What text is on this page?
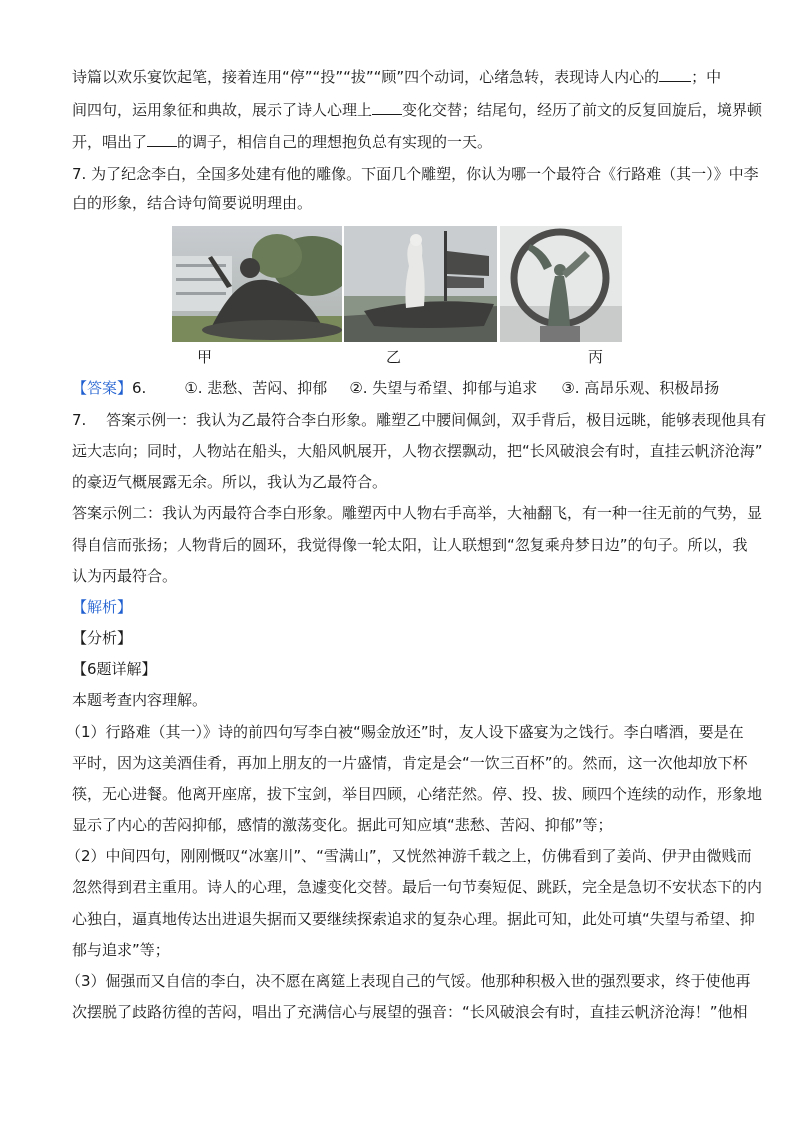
诗篇以欢乐宴饮起笔，接着连用“停”“投”“拔”“顾”四个动词，心绪急转，表现诗人内心的 ；中
间四句，运用象征和典故，展示了诗人心理上 变化交替；结尾句，经历了前文的反复回旋后，境界顿
开，唱出了 的调子，相信自己的理想抱负总有实现的一天。
7. 为了纪念李白，全国多处建有他的雕像。下面几个雕塑，你认为哪一个最符合《行路难（其一）》中李
白的形象，结合诗句简要说明理由。
甲	乙	丙
【答案】6.	①. 悲愁、苦闷、抑郁 ②. 失望与希望、抑郁与追求 ③. 高昂乐观、积极昂扬
7.　 答案示例一：我认为乙最符合李白形象。雕塑乙中腰间佩剑，双手背后，极目远眺，能够表现他具有
远大志向；同时，人物站在船头，大船风帆展开，人物衣摆飘动，把“长风破浪会有时，直挂云帆济沧海”
的豪迈气概展露无余。所以，我认为乙最符合。
答案示例二：我认为丙最符合李白形象。雕塑丙中人物右手高举，大袖翻飞，有一种一往无前的气势，显
得自信而张扬；人物背后的圆环，我觉得像一轮太阳，让人联想到“忽复乘舟梦日边”的句子。所以，我
认为丙最符合。
【解析】
【分析】
【6题详解】
本题考查内容理解。
（1）行路难（其一）》诗的前四句写李白被“赐金放还”时，友人设下盛宴为之饯行。李白嗜酒，要是在
平时，因为这美酒佳肴，再加上朋友的一片盛情，肯定是会“一饮三百杯”的。然而，这一次他却放下杯
筷，无心进餐。他离开座席，拔下宝剑，举目四顾，心绪茫然。停、投、拔、顾四个连续的动作，形象地
显示了内心的苦闷抑郁，感情的激荡变化。据此可知应填“悲愁、苦闷、抑郁”等；
（2）中间四句，刚刚慨叹“冰塞川”、“雪满山”，又恍然神游千载之上，仿佛看到了姜尚、伊尹由微贱而
忽然得到君主重用。诗人的心理，急遽变化交替。最后一句节奏短促、跳跃，完全是急切不安状态下的内
心独白，逼真地传达出进退失据而又要继续探索追求的复杂心理。据此可知，此处可填“失望与希望、抑
郁与追求”等；
（3）倔强而又自信的李白，决不愿在离筵上表现自己的气馁。他那种积极入世的强烈要求，终于使他再
次摆脱了歧路彷徨的苦闷，唱出了充满信心与展望的强音：“长风破浪会有时，直挂云帆济沧海！”他相
